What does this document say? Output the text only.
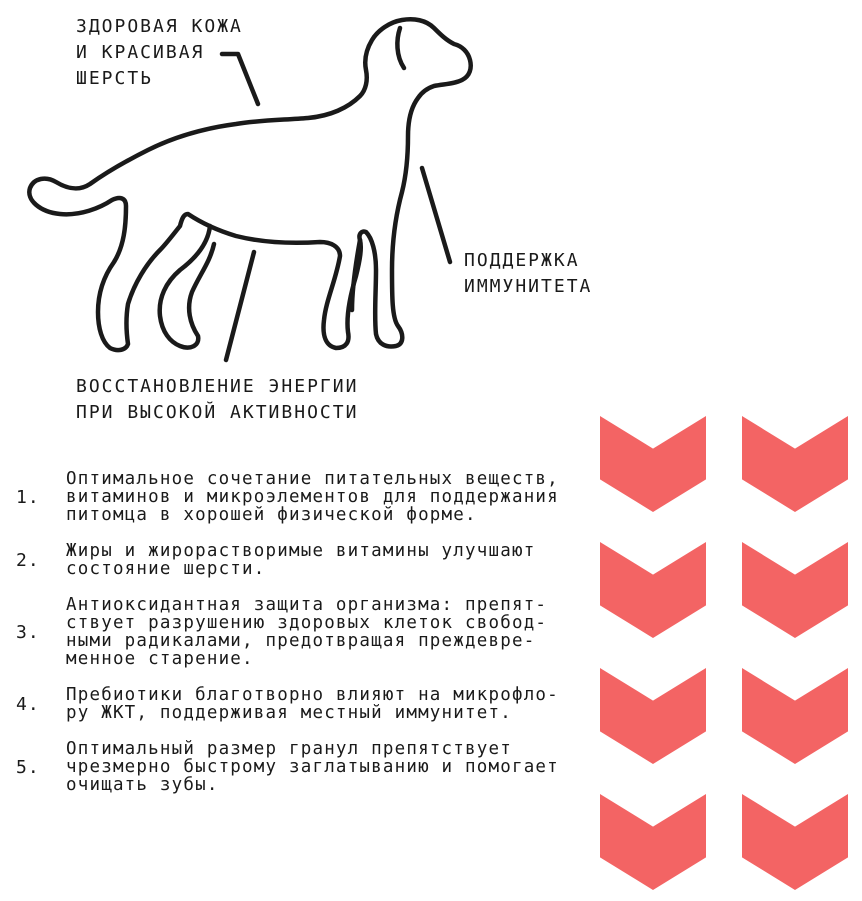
ЗДОРОВАЯ КОЖА
И КРАСИВАЯ
ШЕРСТЬ
ПОДДЕРЖКА
ИММУНИТЕТА
ВОССТАНОВЛЕНИЕ ЭНЕРГИИ
ПРИ ВЫСОКОЙ АКТИВНОСТИ
1.
Оптимальное сочетание питательных веществ,
витаминов и микроэлементов для поддержания
питомца в хорошей физической форме.
2.	Жиры и жирорастворимые витамины улучшают
состояние шерсти.
3.
Антиоксидантная защита организма: препят-
ствует разрушению здоровых клеток свобод-
ными радикалами, предотвращая преждевре-
менное старение.
4.	Пребиотики благотворно влияют на микрофло-
ру ЖКТ, поддерживая местный иммунитет.
5.
Оптимальный размер гранул препятствует
чрезмерно быстрому заглатыванию и помогает
очищать зубы.
